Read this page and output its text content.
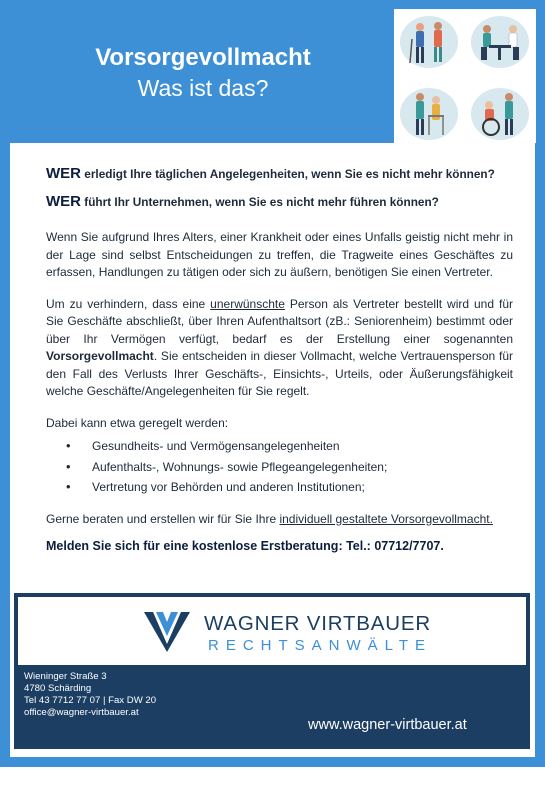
Vorsorgevollmacht
Was ist das?

WER erledigt Ihre täglichen Angelegenheiten, wenn Sie es nicht mehr können?

WER führt Ihr Unternehmen, wenn Sie es nicht mehr führen können?

Wenn Sie aufgrund Ihres Alters, einer Krankheit oder eines Unfalls geistig nicht mehr in der Lage sind selbst Entscheidungen zu treffen, die Tragweite eines Geschäftes zu erfassen, Handlungen zu tätigen oder sich zu äußern, benötigen Sie einen Vertreter.

Um zu verhindern, dass eine unerwünschte Person als Vertreter bestellt wird und für Sie Geschäfte abschließt, über Ihren Aufenthaltsort (zB.: Seniorenheim) bestimmt oder über Ihr Vermögen verfügt, bedarf es der Erstellung einer sogenannten Vorsorgevollmacht. Sie entscheiden in dieser Vollmacht, welche Vertrauensperson für den Fall des Verlusts Ihrer Geschäfts-, Einsichts-, Urteils, oder Äußerungsfähigkeit welche Geschäfte/Angelegenheiten für Sie regelt.

Dabei kann etwa geregelt werden:

• Gesundheits- und Vermögensangelegenheiten
• Aufenthalts-, Wohnungs- sowie Pflegeangelegenheiten;
• Vertretung vor Behörden und anderen Institutionen;

Gerne beraten und erstellen wir für Sie Ihre individuell gestaltete Vorsorgevollmacht.

Melden Sie sich für eine kostenlose Erstberatung: Tel.: 07712/7707.

WAGNER VIRTBAUER
RECHTSANWÄLTE
Wieninger Straße 3
4780 Schärding
Tel 43 7712 77 07 | Fax DW 20
office@wagner-virtbauer.at
www.wagner-virtbauer.at
